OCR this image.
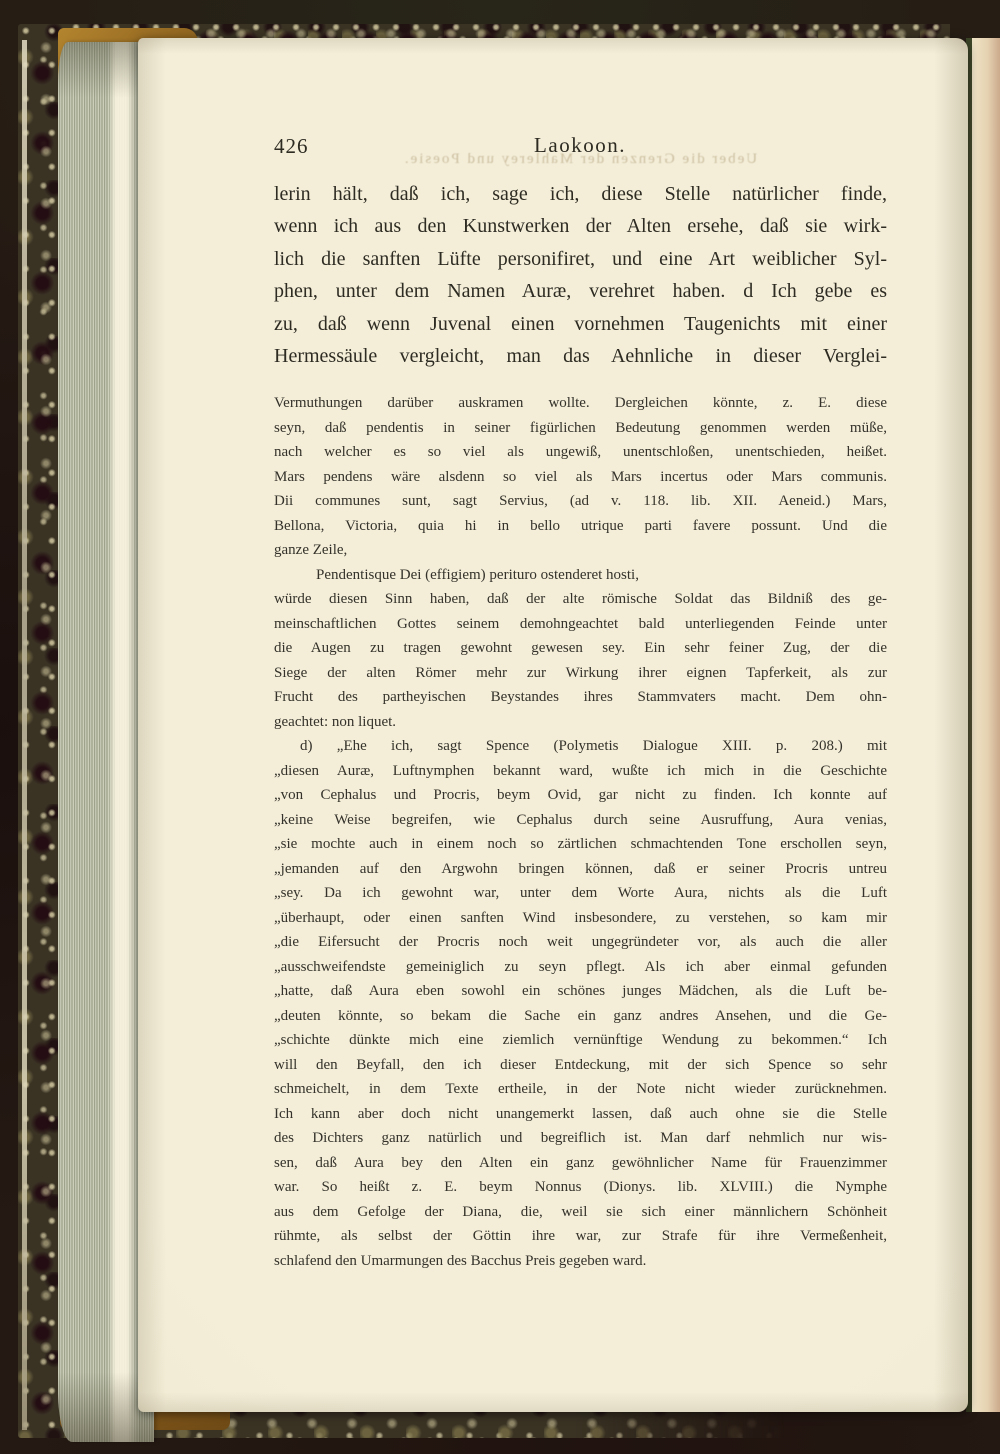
Ueber die Grenzen der Mahlerey und Poesie.
426	Laokoon.
lerin hält, daß ich, sage ich, diese Stelle natürlicher finde,
wenn ich aus den Kunstwerken der Alten ersehe, daß sie wirk-
lich die sanften Lüfte personifiret, und eine Art weiblicher Syl-
phen, unter dem Namen Auræ, verehret haben. d Ich gebe es
zu, daß wenn Juvenal einen vornehmen Taugenichts mit einer
Hermessäule vergleicht, man das Aehnliche in dieser Verglei-
Vermuthungen darüber auskramen wollte. Dergleichen könnte, z. E. diese
seyn, daß pendentis in seiner figürlichen Bedeutung genommen werden müße,
nach welcher es so viel als ungewiß, unentschloßen, unentschieden, heißet.
Mars pendens wäre alsdenn so viel als Mars incertus oder Mars communis.
Dii communes sunt, sagt Servius, (ad v. 118. lib. XII. Aeneid.) Mars,
Bellona, Victoria, quia hi in bello utrique parti favere possunt. Und die
ganze Zeile,
Pendentisque Dei (effigiem) perituro ostenderet hosti,
würde diesen Sinn haben, daß der alte römische Soldat das Bildniß des ge-
meinschaftlichen Gottes seinem demohngeachtet bald unterliegenden Feinde unter
die Augen zu tragen gewohnt gewesen sey. Ein sehr feiner Zug, der die
Siege der alten Römer mehr zur Wirkung ihrer eignen Tapferkeit, als zur
Frucht des partheyischen Beystandes ihres Stammvaters macht. Dem ohn-
geachtet: non liquet.
d) „Ehe ich, sagt Spence (Polymetis Dialogue XIII. p. 208.) mit
„diesen Auræ, Luftnymphen bekannt ward, wußte ich mich in die Geschichte
„von Cephalus und Procris, beym Ovid, gar nicht zu finden. Ich konnte auf
„keine Weise begreifen, wie Cephalus durch seine Ausruffung, Aura venias,
„sie mochte auch in einem noch so zärtlichen schmachtenden Tone erschollen seyn,
„jemanden auf den Argwohn bringen können, daß er seiner Procris untreu
„sey. Da ich gewohnt war, unter dem Worte Aura, nichts als die Luft
„überhaupt, oder einen sanften Wind insbesondere, zu verstehen, so kam mir
„die Eifersucht der Procris noch weit ungegründeter vor, als auch die aller
„ausschweifendste gemeiniglich zu seyn pflegt. Als ich aber einmal gefunden
„hatte, daß Aura eben sowohl ein schönes junges Mädchen, als die Luft be-
„deuten könnte, so bekam die Sache ein ganz andres Ansehen, und die Ge-
„schichte dünkte mich eine ziemlich vernünftige Wendung zu bekommen.“ Ich
will den Beyfall, den ich dieser Entdeckung, mit der sich Spence so sehr
schmeichelt, in dem Texte ertheile, in der Note nicht wieder zurücknehmen.
Ich kann aber doch nicht unangemerkt lassen, daß auch ohne sie die Stelle
des Dichters ganz natürlich und begreiflich ist. Man darf nehmlich nur wis-
sen, daß Aura bey den Alten ein ganz gewöhnlicher Name für Frauenzimmer
war. So heißt z. E. beym Nonnus (Dionys. lib. XLVIII.) die Nymphe
aus dem Gefolge der Diana, die, weil sie sich einer männlichern Schönheit
rühmte, als selbst der Göttin ihre war, zur Strafe für ihre Vermeßenheit,
schlafend den Umarmungen des Bacchus Preis gegeben ward.
